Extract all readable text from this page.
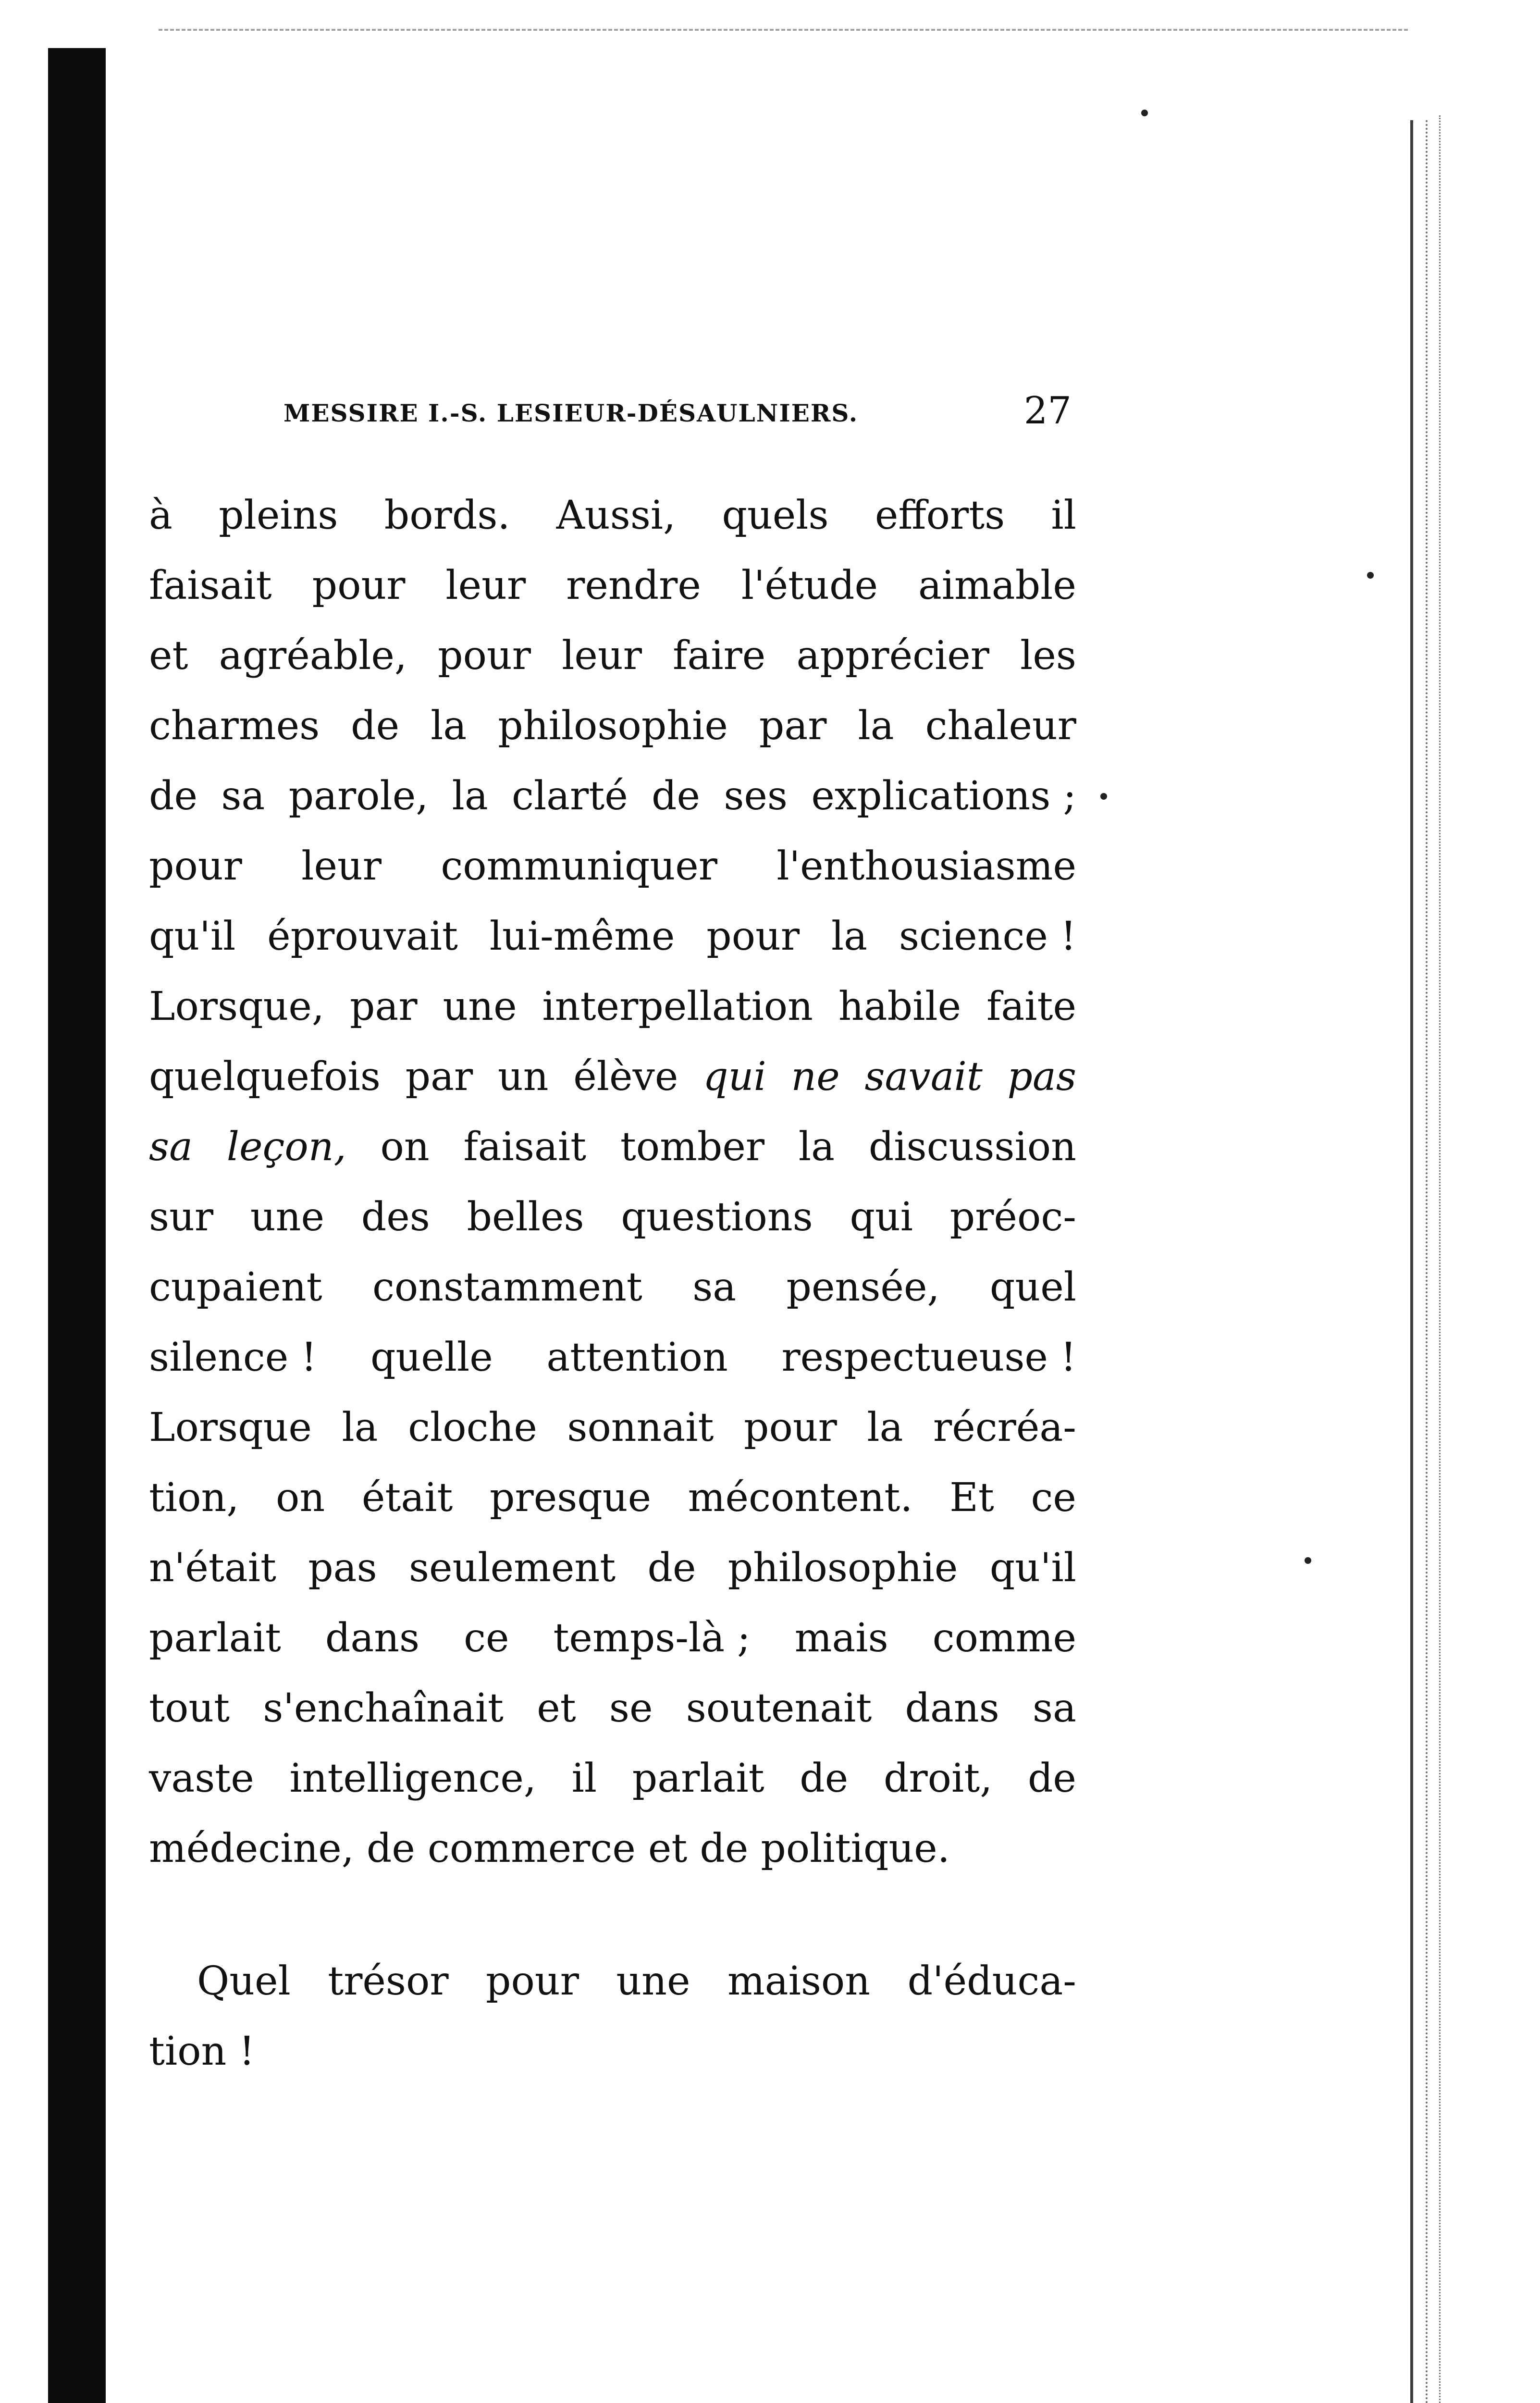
MESSIRE I.-S. LESIEUR-DÉSAULNIERS.	27
à pleins bords. Aussi, quels efforts il
faisait pour leur rendre l'étude aimable
et agréable, pour leur faire apprécier les
charmes de la philosophie par la chaleur
de sa parole, la clarté de ses explications ;
pour leur communiquer l'enthousiasme
qu'il éprouvait lui-même pour la science !
Lorsque, par une interpellation habile faite
quelquefois par un élève qui ne savait pas
sa leçon, on faisait tomber la discussion
sur une des belles questions qui préoc-
cupaient constamment sa pensée, quel
silence ! quelle attention respectueuse !
Lorsque la cloche sonnait pour la récréa-
tion, on était presque mécontent. Et ce
n'était pas seulement de philosophie qu'il
parlait dans ce temps-là ; mais comme
tout s'enchaînait et se soutenait dans sa
vaste intelligence, il parlait de droit, de
médecine, de commerce et de politique.
Quel trésor pour une maison d'éduca-
tion !
